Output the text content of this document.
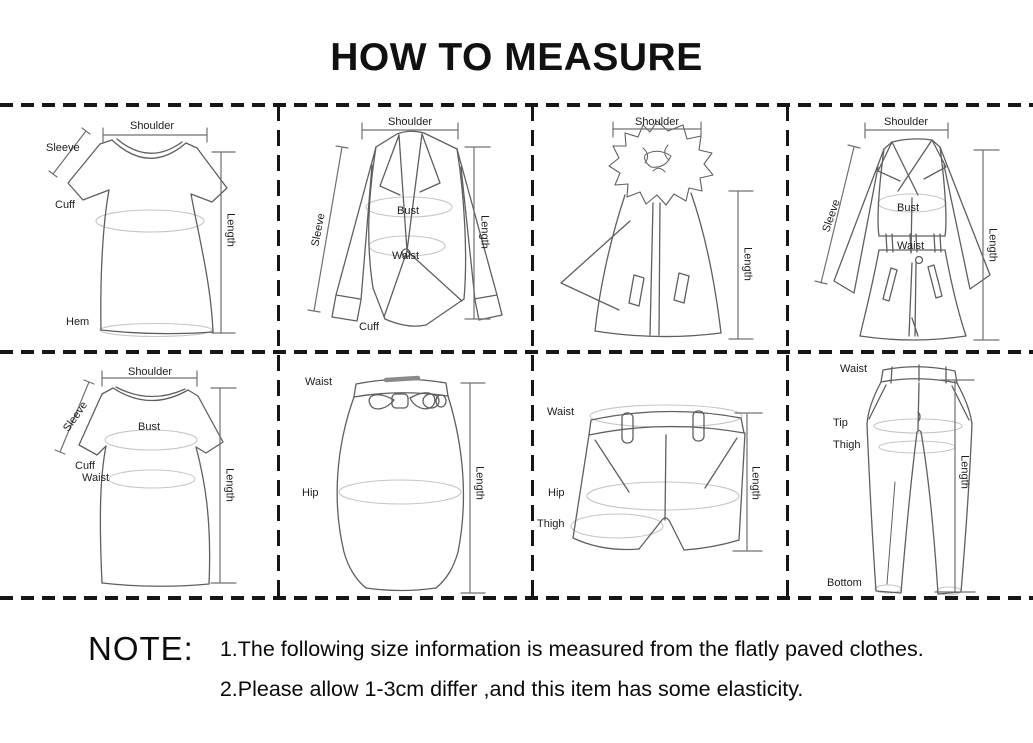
HOW TO MEASURE
Shoulder
Sleeve
Cuff
Hem
Length
Shoulder
Bust
Waist
Cuff
Sleeve	Length
Shoulder
Length
Shoulder
Bust
Waist
Sleeve
Length
Shoulder
Bust
Cuff
Waist
Sleeve
Length
Waist
Hip	Length
Waist
Hip
Thigh
Length
Waist
Tip
Thigh
Bottom
Length
NOTE: 1.The following size information is measured from the flatly paved clothes.
2.Please allow 1-3cm differ ,and this item has some elasticity.
